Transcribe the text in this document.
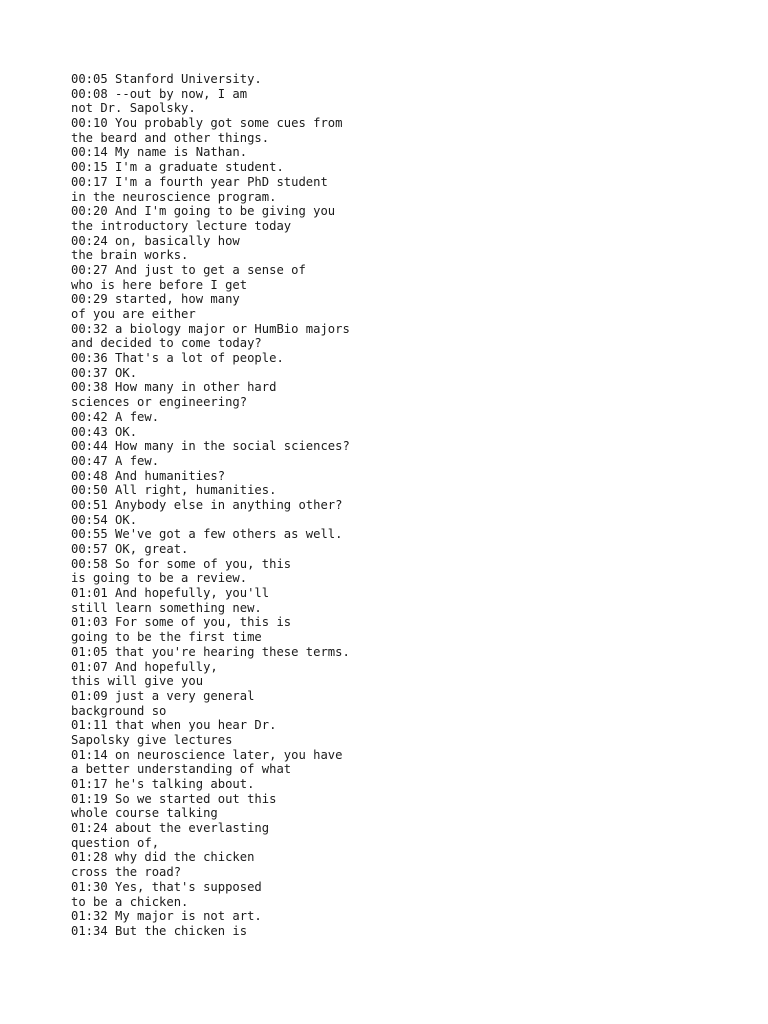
00:05 Stanford University.
00:08 --out by now, I am
not Dr. Sapolsky.
00:10 You probably got some cues from
the beard and other things.
00:14 My name is Nathan.
00:15 I'm a graduate student.
00:17 I'm a fourth year PhD student
in the neuroscience program.
00:20 And I'm going to be giving you
the introductory lecture today
00:24 on, basically how
the brain works.
00:27 And just to get a sense of
who is here before I get
00:29 started, how many
of you are either
00:32 a biology major or HumBio majors
and decided to come today?
00:36 That's a lot of people.
00:37 OK.
00:38 How many in other hard
sciences or engineering?
00:42 A few.
00:43 OK.
00:44 How many in the social sciences?
00:47 A few.
00:48 And humanities?
00:50 All right, humanities.
00:51 Anybody else in anything other?
00:54 OK.
00:55 We've got a few others as well.
00:57 OK, great.
00:58 So for some of you, this
is going to be a review.
01:01 And hopefully, you'll
still learn something new.
01:03 For some of you, this is
going to be the first time
01:05 that you're hearing these terms.
01:07 And hopefully,
this will give you
01:09 just a very general
background so
01:11 that when you hear Dr.
Sapolsky give lectures
01:14 on neuroscience later, you have
a better understanding of what
01:17 he's talking about.
01:19 So we started out this
whole course talking
01:24 about the everlasting
question of,
01:28 why did the chicken
cross the road?
01:30 Yes, that's supposed
to be a chicken.
01:32 My major is not art.
01:34 But the chicken is
